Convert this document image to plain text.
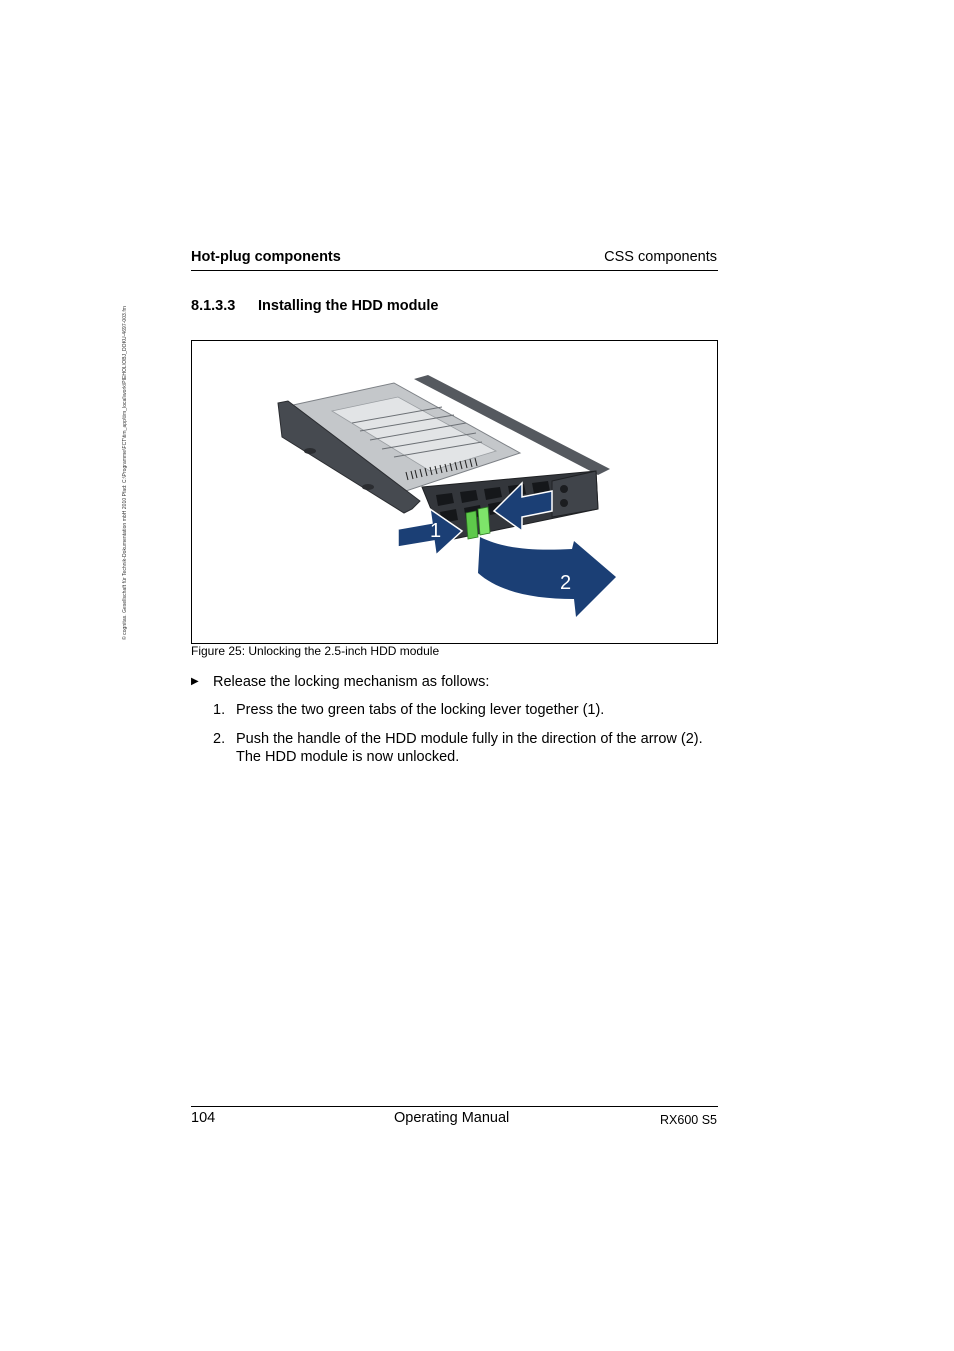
© cognitas. Gesellschaft für Technik-Dokumentation mbH 2010 Pfad: C:\Programme\FCT\tim_app\tim_local\work\PIEHOL\OBJ_DOKU-4697-003.fm
Hot-plug components	CSS components
8.1.3.3 Installing the HDD module
1
2
Figure 25: Unlocking the 2.5-inch HDD module
▶ Release the locking mechanism as follows:
1. Press the two green tabs of the locking lever together (1).
2. Push the handle of the HDD module fully in the direction of the arrow (2).
The HDD module is now unlocked.
104	Operating Manual	RX600 S5
